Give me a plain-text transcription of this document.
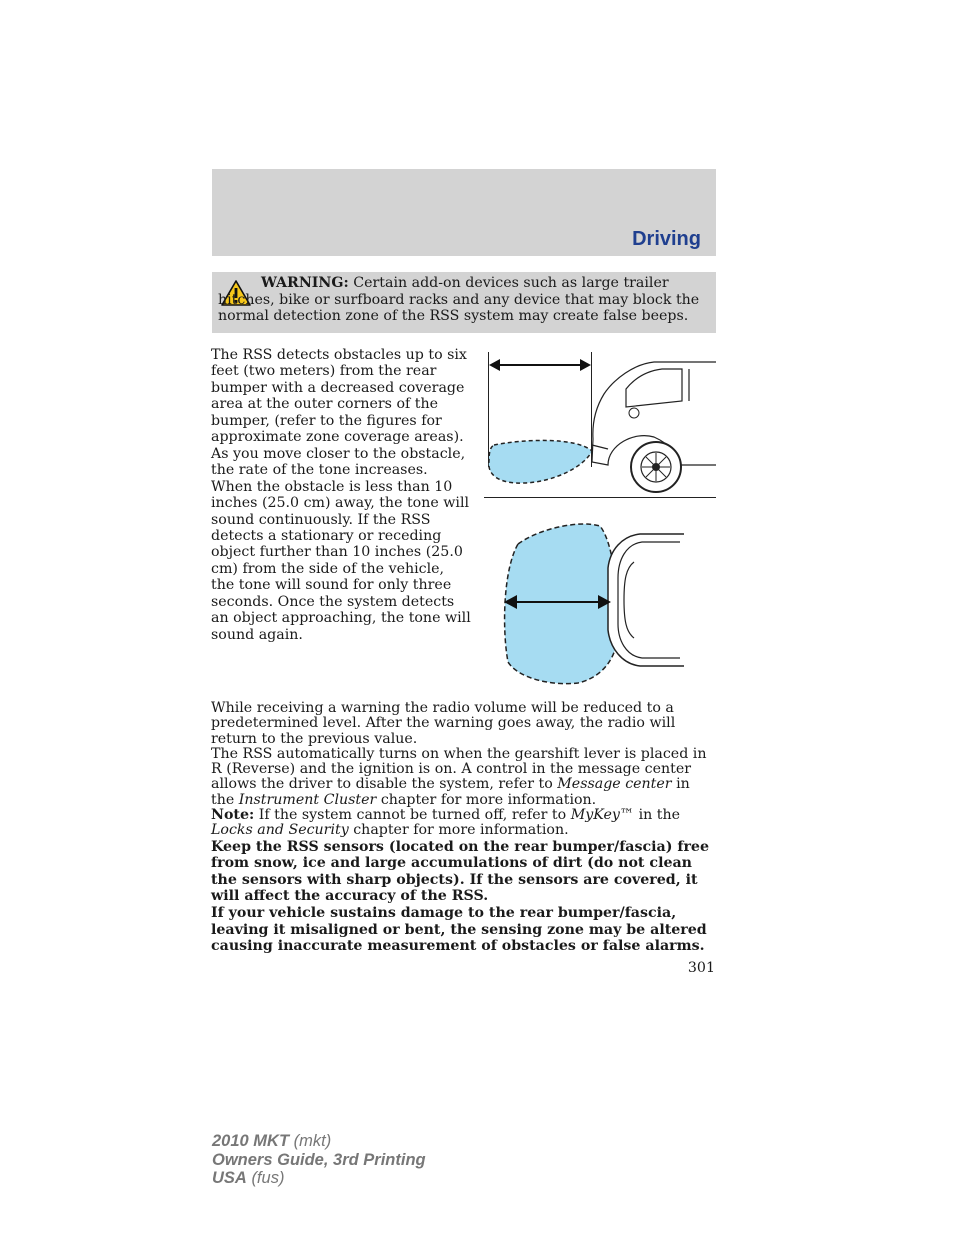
Driving
WARNING: Certain add-on devices such as large trailer hitches, bike or surfboard racks and any device that may block the normal detection zone of the RSS system may create false beeps.

The RSS detects obstacles up to six feet (two meters) from the rear bumper with a decreased coverage area at the outer corners of the bumper, (refer to the figures for approximate zone coverage areas). As you move closer to the obstacle, the rate of the tone increases. When the obstacle is less than 10 inches (25.0 cm) away, the tone will sound continuously. If the RSS detects a stationary or receding object further than 10 inches (25.0 cm) from the side of the vehicle, the tone will sound for only three seconds. Once the system detects an object approaching, the tone will sound again.

While receiving a warning the radio volume will be reduced to a predetermined level. After the warning goes away, the radio will return to the previous value.

The RSS automatically turns on when the gearshift lever is placed in R (Reverse) and the ignition is on. A control in the message center allows the driver to disable the system, refer to Message center in the Instrument Cluster chapter for more information.

Note: If the system cannot be turned off, refer to MyKey™ in the Locks and Security chapter for more information.

Keep the RSS sensors (located on the rear bumper/fascia) free from snow, ice and large accumulations of dirt (do not clean the sensors with sharp objects). If the sensors are covered, it will affect the accuracy of the RSS.

If your vehicle sustains damage to the rear bumper/fascia, leaving it misaligned or bent, the sensing zone may be altered causing inaccurate measurement of obstacles or false alarms.

301
2010 MKT (mkt)
Owners Guide, 3rd Printing
USA (fus)
